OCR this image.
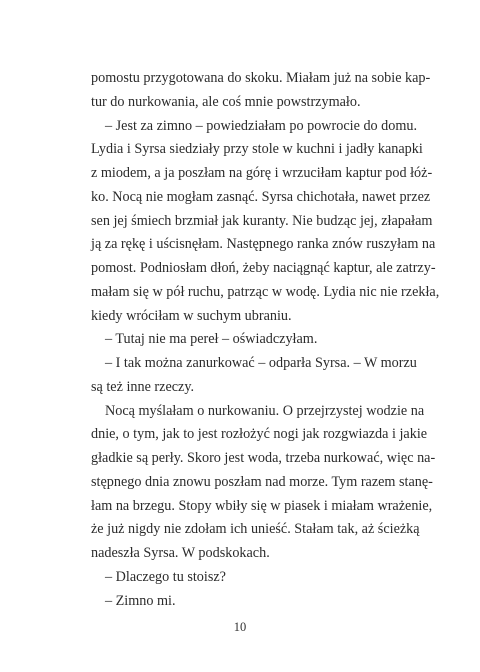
pomostu przygotowana do skoku. Miałam już na sobie kap-
tur do nurkowania, ale coś mnie powstrzymało.
– Jest za zimno – powiedziałam po powrocie do domu.
Lydia i Syrsa siedziały przy stole w kuchni i jadły kanapki
z miodem, a ja poszłam na górę i wrzuciłam kaptur pod łóż-
ko. Nocą nie mogłam zasnąć. Syrsa chichotała, nawet przez
sen jej śmiech brzmiał jak kuranty. Nie budząc jej, złapałam
ją za rękę i uścisnęłam. Następnego ranka znów ruszyłam na
pomost. Podniosłam dłoń, żeby naciągnąć kaptur, ale zatrzy-
małam się w pół ruchu, patrząc w wodę. Lydia nic nie rzekła,
kiedy wróciłam w suchym ubraniu.
– Tutaj nie ma pereł – oświadczyłam.
– I tak można zanurkować – odparła Syrsa. – W morzu
są też inne rzeczy.
Nocą myślałam o nurkowaniu. O przejrzystej wodzie na
dnie, o tym, jak to jest rozłożyć nogi jak rozgwiazda i jakie
gładkie są perły. Skoro jest woda, trzeba nurkować, więc na-
stępnego dnia znowu poszłam nad morze. Tym razem stanę-
łam na brzegu. Stopy wbiły się w piasek i miałam wrażenie,
że już nigdy nie zdołam ich unieść. Stałam tak, aż ścieżką
nadeszła Syrsa. W podskokach.
– Dlaczego tu stoisz?
– Zimno mi.
10
